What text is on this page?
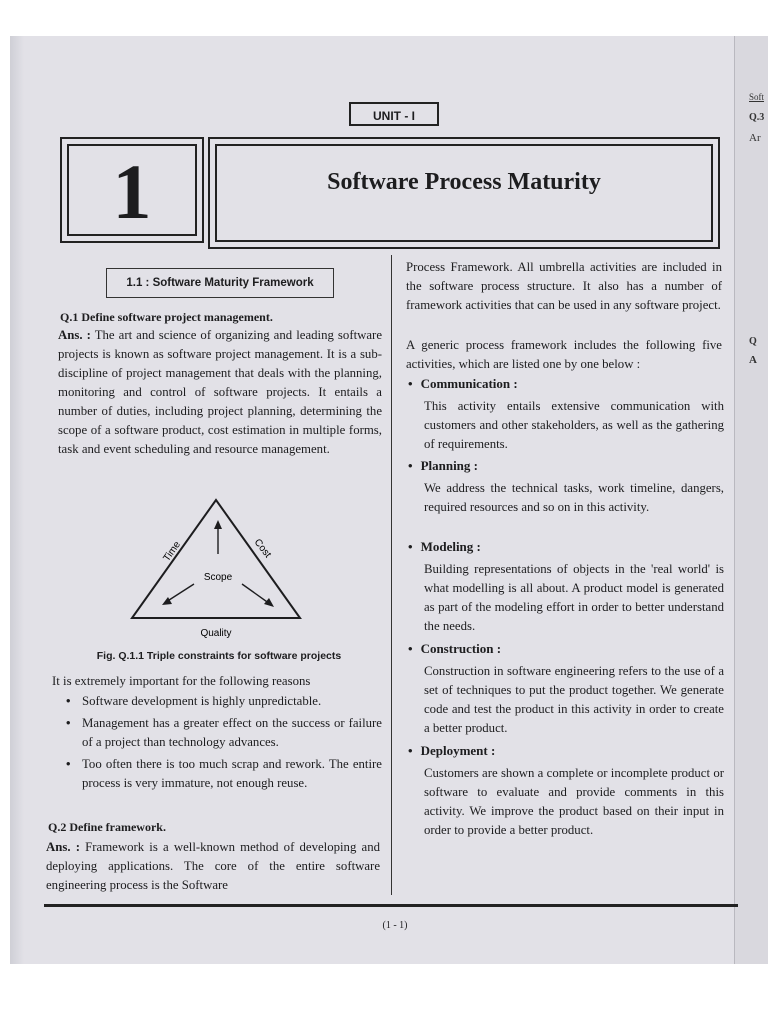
Soft
Q.3
Ar
Q
A
UNIT - I
1	Software Process Maturity
1.1 : Software Maturity Framework
Q.1 Define software project management.
Ans. : The art and science of organizing and leading software projects is known as software project management. It is a sub-discipline of project management that deals with the planning, monitoring and control of software projects. It entails a number of duties, including project planning, determining the scope of a software product, cost estimation in multiple forms, task and event scheduling and resource management.
Scope
Time	Cost
Quality
Fig. Q.1.1 Triple constraints for software projects
It is extremely important for the following reasons
• Software development is highly unpredictable.
• Management has a greater effect on the success or failure of a project than technology advances.
• Too often there is too much scrap and rework. The entire process is very immature, not enough reuse.
Q.2 Define framework.
Ans. : Framework is a well-known method of developing and deploying applications. The core of the entire software engineering process is the Software
Process Framework. All umbrella activities are included in the software process structure. It also has a number of framework activities that can be used in any software project.
A generic process framework includes the following five activities, which are listed one by one below :
• Communication :
This activity entails extensive communication with customers and other stakeholders, as well as the gathering of requirements.
• Planning :
We address the technical tasks, work timeline, dangers, required resources and so on in this activity.
• Modeling :
Building representations of objects in the 'real world' is what modelling is all about. A product model is generated as part of the modeling effort in order to better understand the needs.
• Construction :
Construction in software engineering refers to the use of a set of techniques to put the product together. We generate code and test the product in this activity in order to create a better product.
• Deployment :
Customers are shown a complete or incomplete product or software to evaluate and provide comments in this activity. We improve the product based on their input in order to provide a better product.
(1 - 1)
